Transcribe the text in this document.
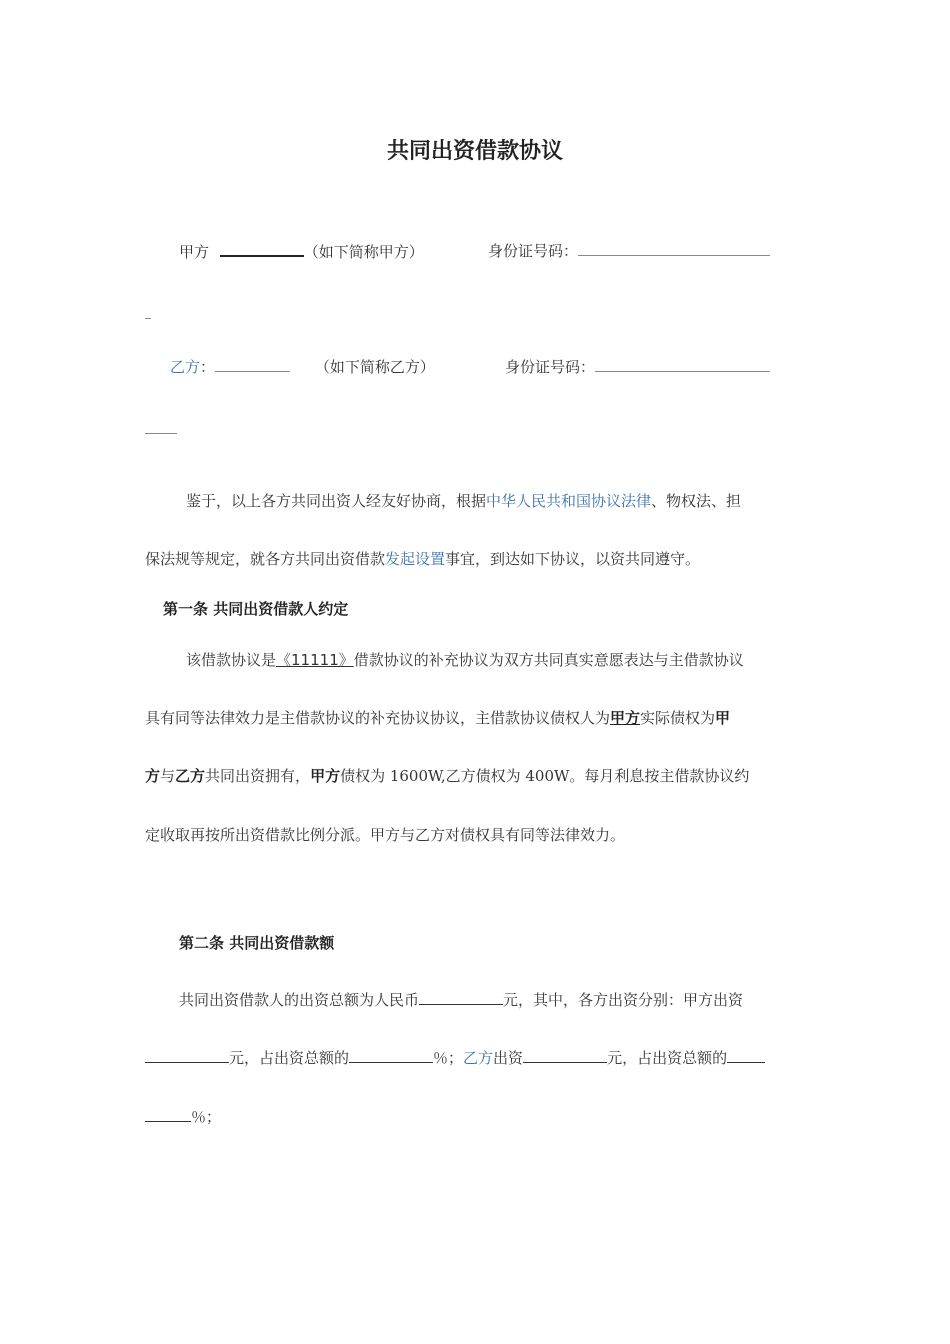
共同出资借款协议
甲方	（如下简称甲方）	身份证号码：
乙方：	（如下简称乙方）	身份证号码：
鉴于，以上各方共同出资人经友好协商，根据中华人民共和国协议法律、物权法、担
保法规等规定，就各方共同出资借款发起设置事宜，到达如下协议，以资共同遵守。
第一条 共同出资借款人约定
该借款协议是《11111》借款协议的补充协议为双方共同真实意愿表达与主借款协议
具有同等法律效力是主借款协议的补充协议协议，主借款协议债权人为甲方实际债权为甲
方与乙方共同出资拥有，甲方债权为 1600W,乙方债权为 400W。每月利息按主借款协议约
定收取再按所出资借款比例分派。甲方与乙方对债权具有同等法律效力。
第二条 共同出资借款额
共同出资借款人的出资总额为人民币	元，其中，各方出资分别：甲方出资
元，占出资总额的	％；乙方出资	元，占出资总额的
％；
